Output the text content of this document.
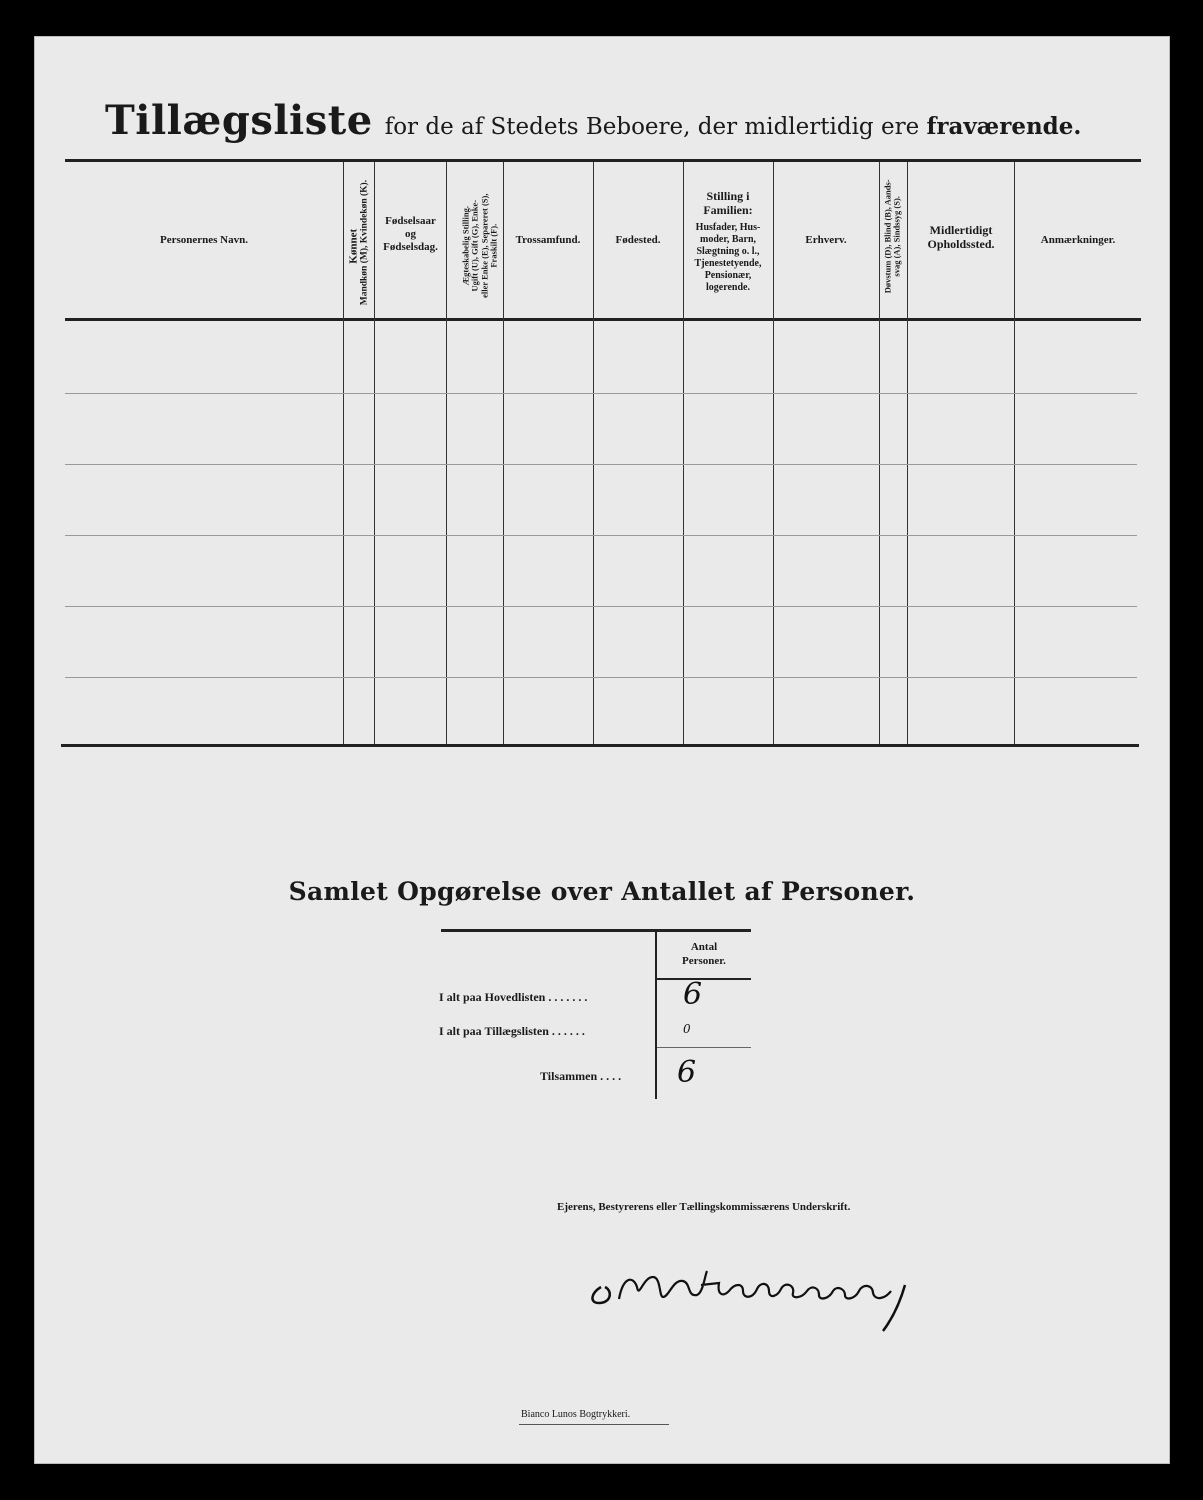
Tillægsliste for de af Stedets Beboere, der midlertidig ere fraværende.
Personernes Navn.	Kønnet Mandkøn (M), Kvindekøn (K).	Fødselsaar
og
Fødselsdag.	Ægteskabelig Stilling. Ugift (U), Gift (G), Enke- eller Enke (E), Separeret (S), Fraskilt (F).	Trossamfund.	Fødested.
Stilling i
Familien:
Husfader, Hus-
moder, Barn,
Slægtning o. l.,
Tjenestetyende,
Pensionær,
logerende.
Erhverv.	Døvstum (D), Blind (B), Aands- svag (A), Sindssyg (S).	Midlertidigt
Opholdssted.	Anmærkninger.
Samlet Opgørelse over Antallet af Personer.
Antal
Personer.
I alt paa Hovedlisten . . . . . . .	6
I alt paa Tillægslisten . . . . . .	0
Tilsammen . . . . 6
Ejerens, Bestyrerens eller Tællingskommissærens Underskrift.
Bianco Lunos Bogtrykkeri.
